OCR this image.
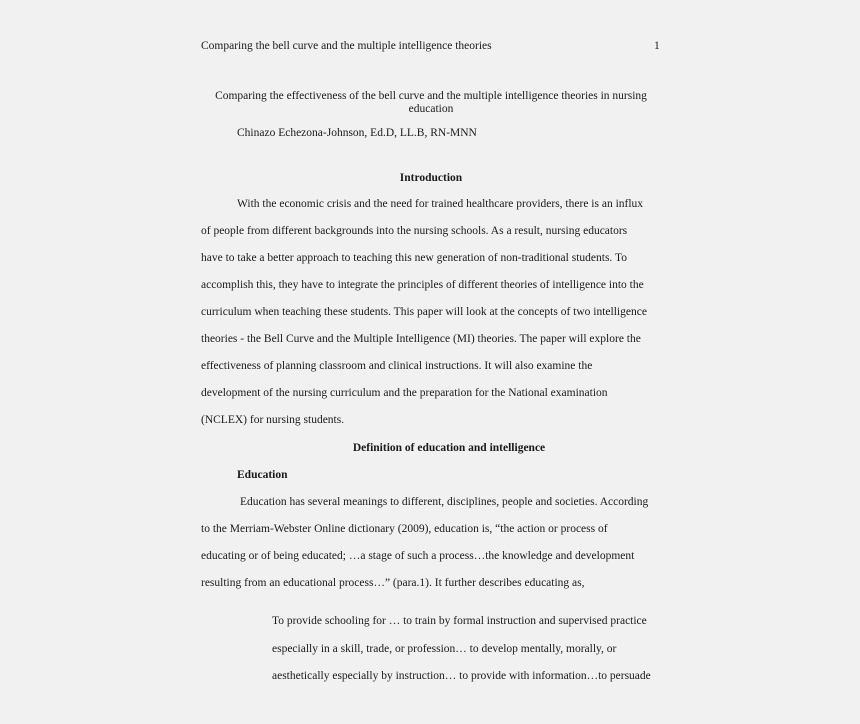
Comparing the bell curve and the multiple intelligence theories	1
Comparing the effectiveness of the bell curve and the multiple intelligence theories in nursing
education
Chinazo Echezona-Johnson, Ed.D, LL.B, RN-MNN
Introduction
With the economic crisis and the need for trained healthcare providers, there is an influx
of people from different backgrounds into the nursing schools. As a result, nursing educators
have to take a better approach to teaching this new generation of non-traditional students. To
accomplish this, they have to integrate the principles of different theories of intelligence into the
curriculum when teaching these students. This paper will look at the concepts of two intelligence
theories - the Bell Curve and the Multiple Intelligence (MI) theories. The paper will explore the
effectiveness of planning classroom and clinical instructions. It will also examine the
development of the nursing curriculum and the preparation for the National examination
(NCLEX) for nursing students.
Definition of education and intelligence
Education
Education has several meanings to different, disciplines, people and societies. According
to the Merriam-Webster Online dictionary (2009), education is, “the action or process of
educating or of being educated; …a stage of such a process…the knowledge and development
resulting from an educational process…” (para.1). It further describes educating as,
To provide schooling for … to train by formal instruction and supervised practice
especially in a skill, trade, or profession… to develop mentally, morally, or
aesthetically especially by instruction… to provide with information…to persuade
